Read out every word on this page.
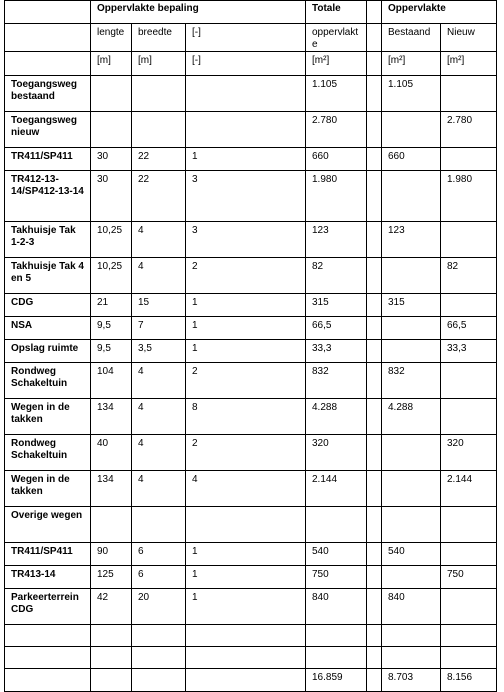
	Oppervlakte bepaling			Totale		Oppervlakte	
	lengte	breedte	[-]	oppervlakte		Bestaand	Nieuw
	[m]	[m]	[-]	[m²]		[m²]	[m²]
Toegangsweg bestaand				1.105		1.105	
Toegangsweg nieuw				2.780			2.780
TR411/SP411	30	22	1	660		660	
TR412-13-14/SP412-13-14	30	22	3	1.980			1.980
Takhuisje Tak 1-2-3	10,25	4	3	123		123	
Takhuisje Tak 4 en 5	10,25	4	2	82			82
CDG	21	15	1	315		315	
NSA	9,5	7	1	66,5			66,5
Opslag ruimte	9,5	3,5	1	33,3			33,3
Rondweg Schakeltuin	104	4	2	832		832	
Wegen in de takken	134	4	8	4.288		4.288	
Rondweg Schakeltuin	40	4	2	320			320
Wegen in de takken	134	4	4	2.144			2.144
Overige wegen							
TR411/SP411	90	6	1	540		540	
TR413-14	125	6	1	750			750
Parkeerterrein CDG	42	20	1	840		840	

				16.859		8.703	8.156
